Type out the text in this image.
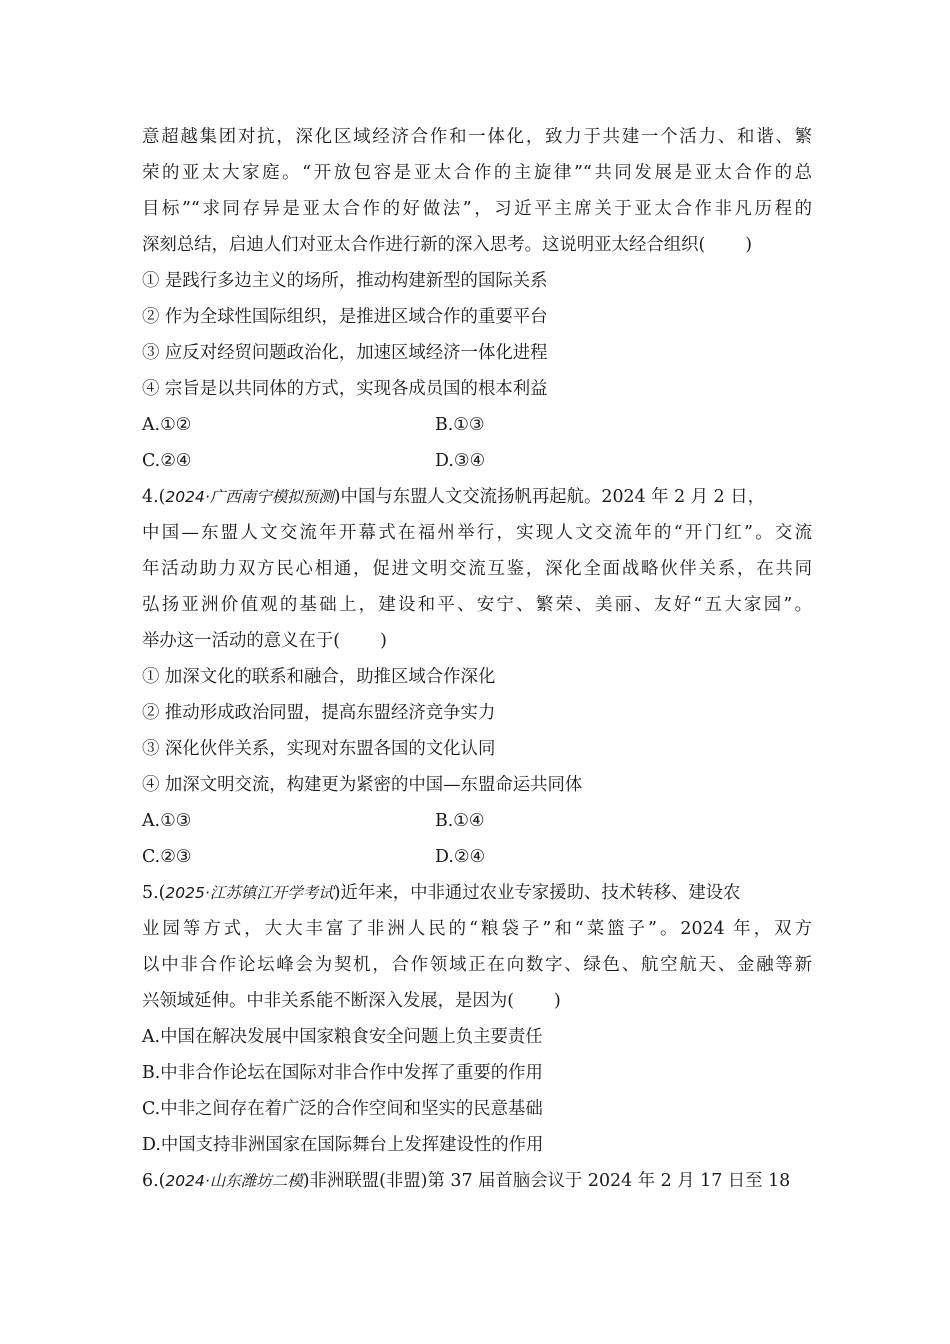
意超越集团对抗，深化区域经济合作和一体化，致力于共建一个活力、和谐、繁
荣的亚太大家庭。“开放包容是亚太合作的主旋律”“共同发展是亚太合作的总
目标”“求同存异是亚太合作的好做法”，习近平主席关于亚太合作非凡历程的
深刻总结，启迪人们对亚太合作进行新的深入思考。这说明亚太经合组织( )
① 是践行多边主义的场所，推动构建新型的国际关系
② 作为全球性国际组织，是推进区域合作的重要平台
③ 应反对经贸问题政治化，加速区域经济一体化进程
④ 宗旨是以共同体的方式，实现各成员国的根本利益
A.①②	B.①③
C.②④	D.③④
4.(2024·广西南宁模拟预测)中国与东盟人文交流扬帆再起航。2024 年 2 月 2 日，
中国—东盟人文交流年开幕式在福州举行，实现人文交流年的“开门红”。交流
年活动助力双方民心相通，促进文明交流互鉴，深化全面战略伙伴关系，在共同
弘扬亚洲价值观的基础上，建设和平、安宁、繁荣、美丽、友好“五大家园”。
举办这一活动的意义在于( )
① 加深文化的联系和融合，助推区域合作深化
② 推动形成政治同盟，提高东盟经济竞争实力
③ 深化伙伴关系，实现对东盟各国的文化认同
④ 加深文明交流，构建更为紧密的中国—东盟命运共同体
A.①③	B.①④
C.②③	D.②④
5.(2025·江苏镇江开学考试)近年来，中非通过农业专家援助、技术转移、建设农
业园等方式，大大丰富了非洲人民的“粮袋子”和“菜篮子”。2024 年，双方
以中非合作论坛峰会为契机，合作领域正在向数字、绿色、航空航天、金融等新
兴领域延伸。中非关系能不断深入发展，是因为( )
A.中国在解决发展中国家粮食安全问题上负主要责任
B.中非合作论坛在国际对非合作中发挥了重要的作用
C.中非之间存在着广泛的合作空间和坚实的民意基础
D.中国支持非洲国家在国际舞台上发挥建设性的作用
6.(2024·山东潍坊二模)非洲联盟(非盟)第 37 届首脑会议于 2024 年 2 月 17 日至 18
